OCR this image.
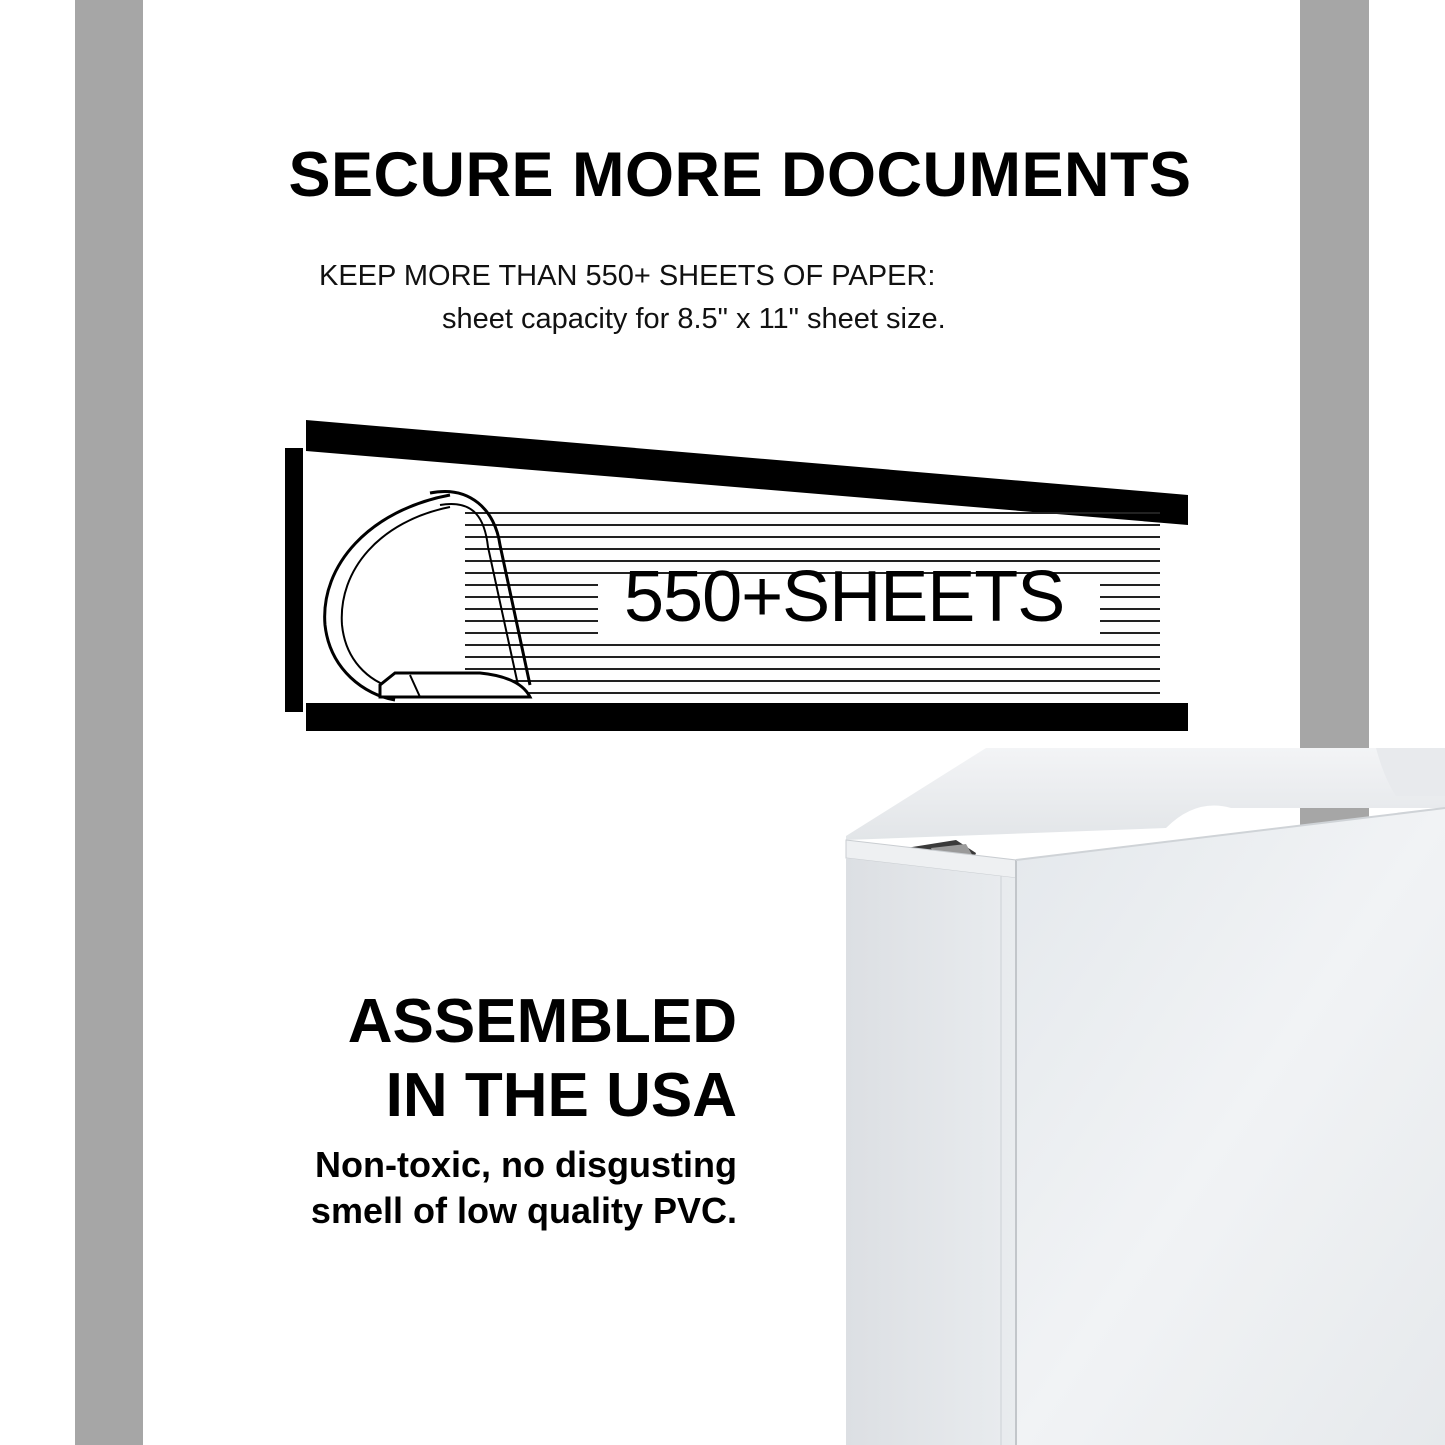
SECURE MORE DOCUMENTS
KEEP MORE THAN 550+ SHEETS OF PAPER:
sheet capacity for 8.5" x 11" sheet size.
550+SHEETS
ASSEMBLED
IN THE USA
Non-toxic, no disgusting
smell of low quality PVC.
